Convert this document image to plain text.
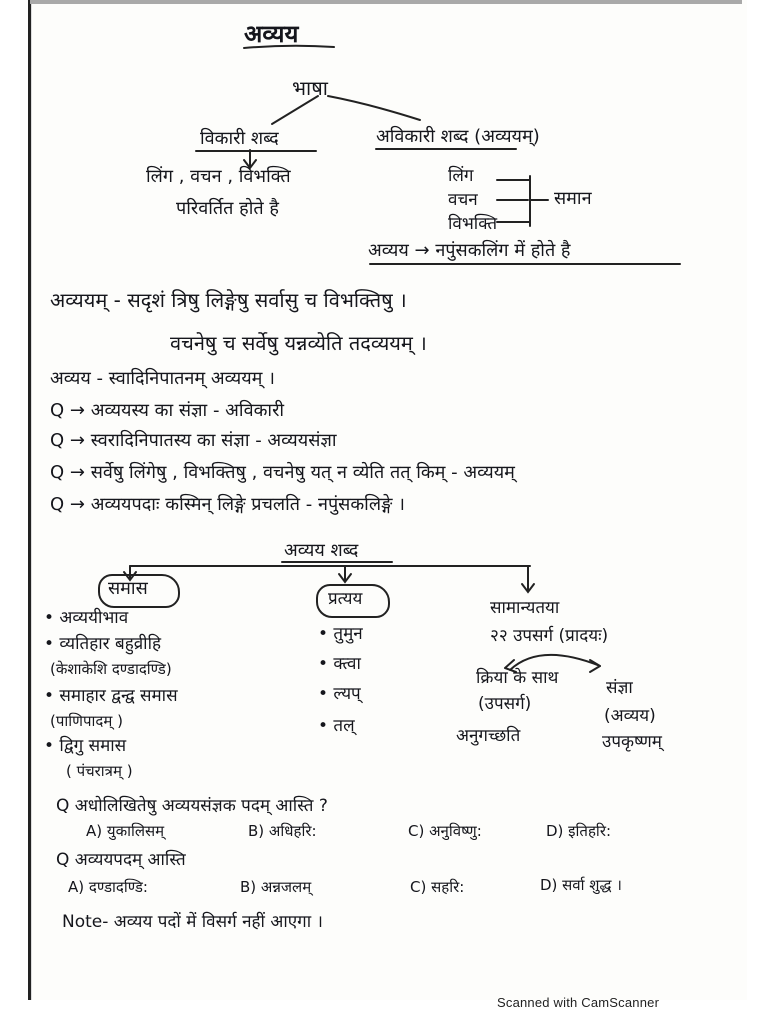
अव्यय
भाषा
विकारी शब्द	अविकारी शब्द (अव्ययम्)
लिंग , वचन , विभक्ति
परिवर्तित होते है
लिंग
वचन
विभक्ति
समान
अव्यय → नपुंसकलिंग में होते है
अव्ययम् - सदृशं त्रिषु लिङ्गेषु सर्वासु च विभक्तिषु ।
वचनेषु च सर्वेषु यन्नव्येति तदव्ययम् ।
अव्यय - स्वादिनिपातनम् अव्ययम् ।
Q → अव्ययस्य का संज्ञा - अविकारी
Q → स्वरादिनिपातस्य का संज्ञा - अव्ययसंज्ञा
Q → सर्वेषु लिंगेषु , विभक्तिषु , वचनेषु यत् न व्येति तत् किम् - अव्ययम्
Q → अव्ययपदाः कस्मिन् लिङ्गे प्रचलति - नपुंसकलिङ्गे ।
अव्यय शब्द
समास
• अव्ययीभाव
• व्यतिहार बहुव्रीहि
(केशाकेशि दण्डादण्डि)
• समाहार द्वन्द्व समास
(पाणिपादम् )
• द्विगु समास
( पंचरात्रम् )
प्रत्यय
• तुमुन
• क्त्वा
• ल्यप्
• तल्
सामान्यतया
२२ उपसर्ग (प्रादयः)
क्रिया के साथ
(उपसर्ग)
अनुगच्छति
संज्ञा
(अव्यय)
उपकृष्णम्
Q अधोलिखितेषु अव्ययसंज्ञक पदम् आस्ति ?
A) युकालिसम्	B) अधिहरि:	C) अनुविष्णु:	D) इतिहरि:
Q अव्ययपदम् आस्ति
A) दण्डादण्डि:	B) अन्नजलम्	C) सहरि:	D) सर्वा शुद्ध ।
Note- अव्यय पदों में विसर्ग नहीं आएगा ।
Scanned with CamScanner
